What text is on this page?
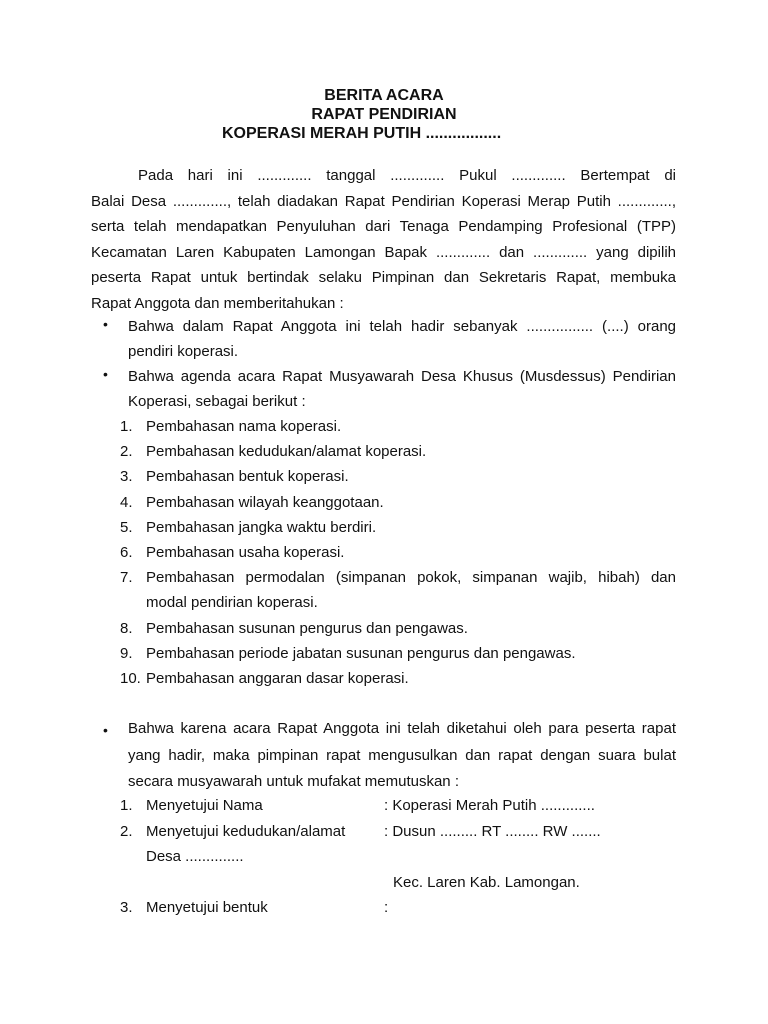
BERITA ACARA
RAPAT PENDIRIAN
KOPERASI MERAH PUTIH .................
Pada hari ini ............. tanggal ............. Pukul ............. Bertempat di
Balai Desa ............., telah diadakan Rapat Pendirian Koperasi Merap Putih .............,
serta telah mendapatkan Penyuluhan dari Tenaga Pendamping Profesional (TPP)
Kecamatan Laren Kabupaten Lamongan Bapak ............. dan ............. yang dipilih
peserta Rapat untuk bertindak selaku Pimpinan dan Sekretaris Rapat, membuka
Rapat Anggota dan memberitahukan :
• Bahwa dalam Rapat Anggota ini telah hadir sebanyak ................ (....) orang
pendiri koperasi.
• Bahwa agenda acara Rapat Musyawarah Desa Khusus (Musdessus) Pendirian
Koperasi, sebagai berikut :
1. Pembahasan nama koperasi.
2. Pembahasan kedudukan/alamat koperasi.
3. Pembahasan bentuk koperasi.
4. Pembahasan wilayah keanggotaan.
5. Pembahasan jangka waktu berdiri.
6. Pembahasan usaha koperasi.
7. Pembahasan permodalan (simpanan pokok, simpanan wajib, hibah) dan
modal pendirian koperasi.
8. Pembahasan susunan pengurus dan pengawas.
9. Pembahasan periode jabatan susunan pengurus dan pengawas.
10. Pembahasan anggaran dasar koperasi.
• Bahwa karena acara Rapat Anggota ini telah diketahui oleh para peserta rapat
yang hadir, maka pimpinan rapat mengusulkan dan rapat dengan suara bulat
secara musyawarah untuk mufakat memutuskan :
1. Menyetujui Nama	: Koperasi Merah Putih .............
2. Menyetujui kedudukan/alamat	: Dusun ......... RT ........ RW .......
Desa ..............
Kec. Laren Kab. Lamongan.
3. Menyetujui bentuk	:
